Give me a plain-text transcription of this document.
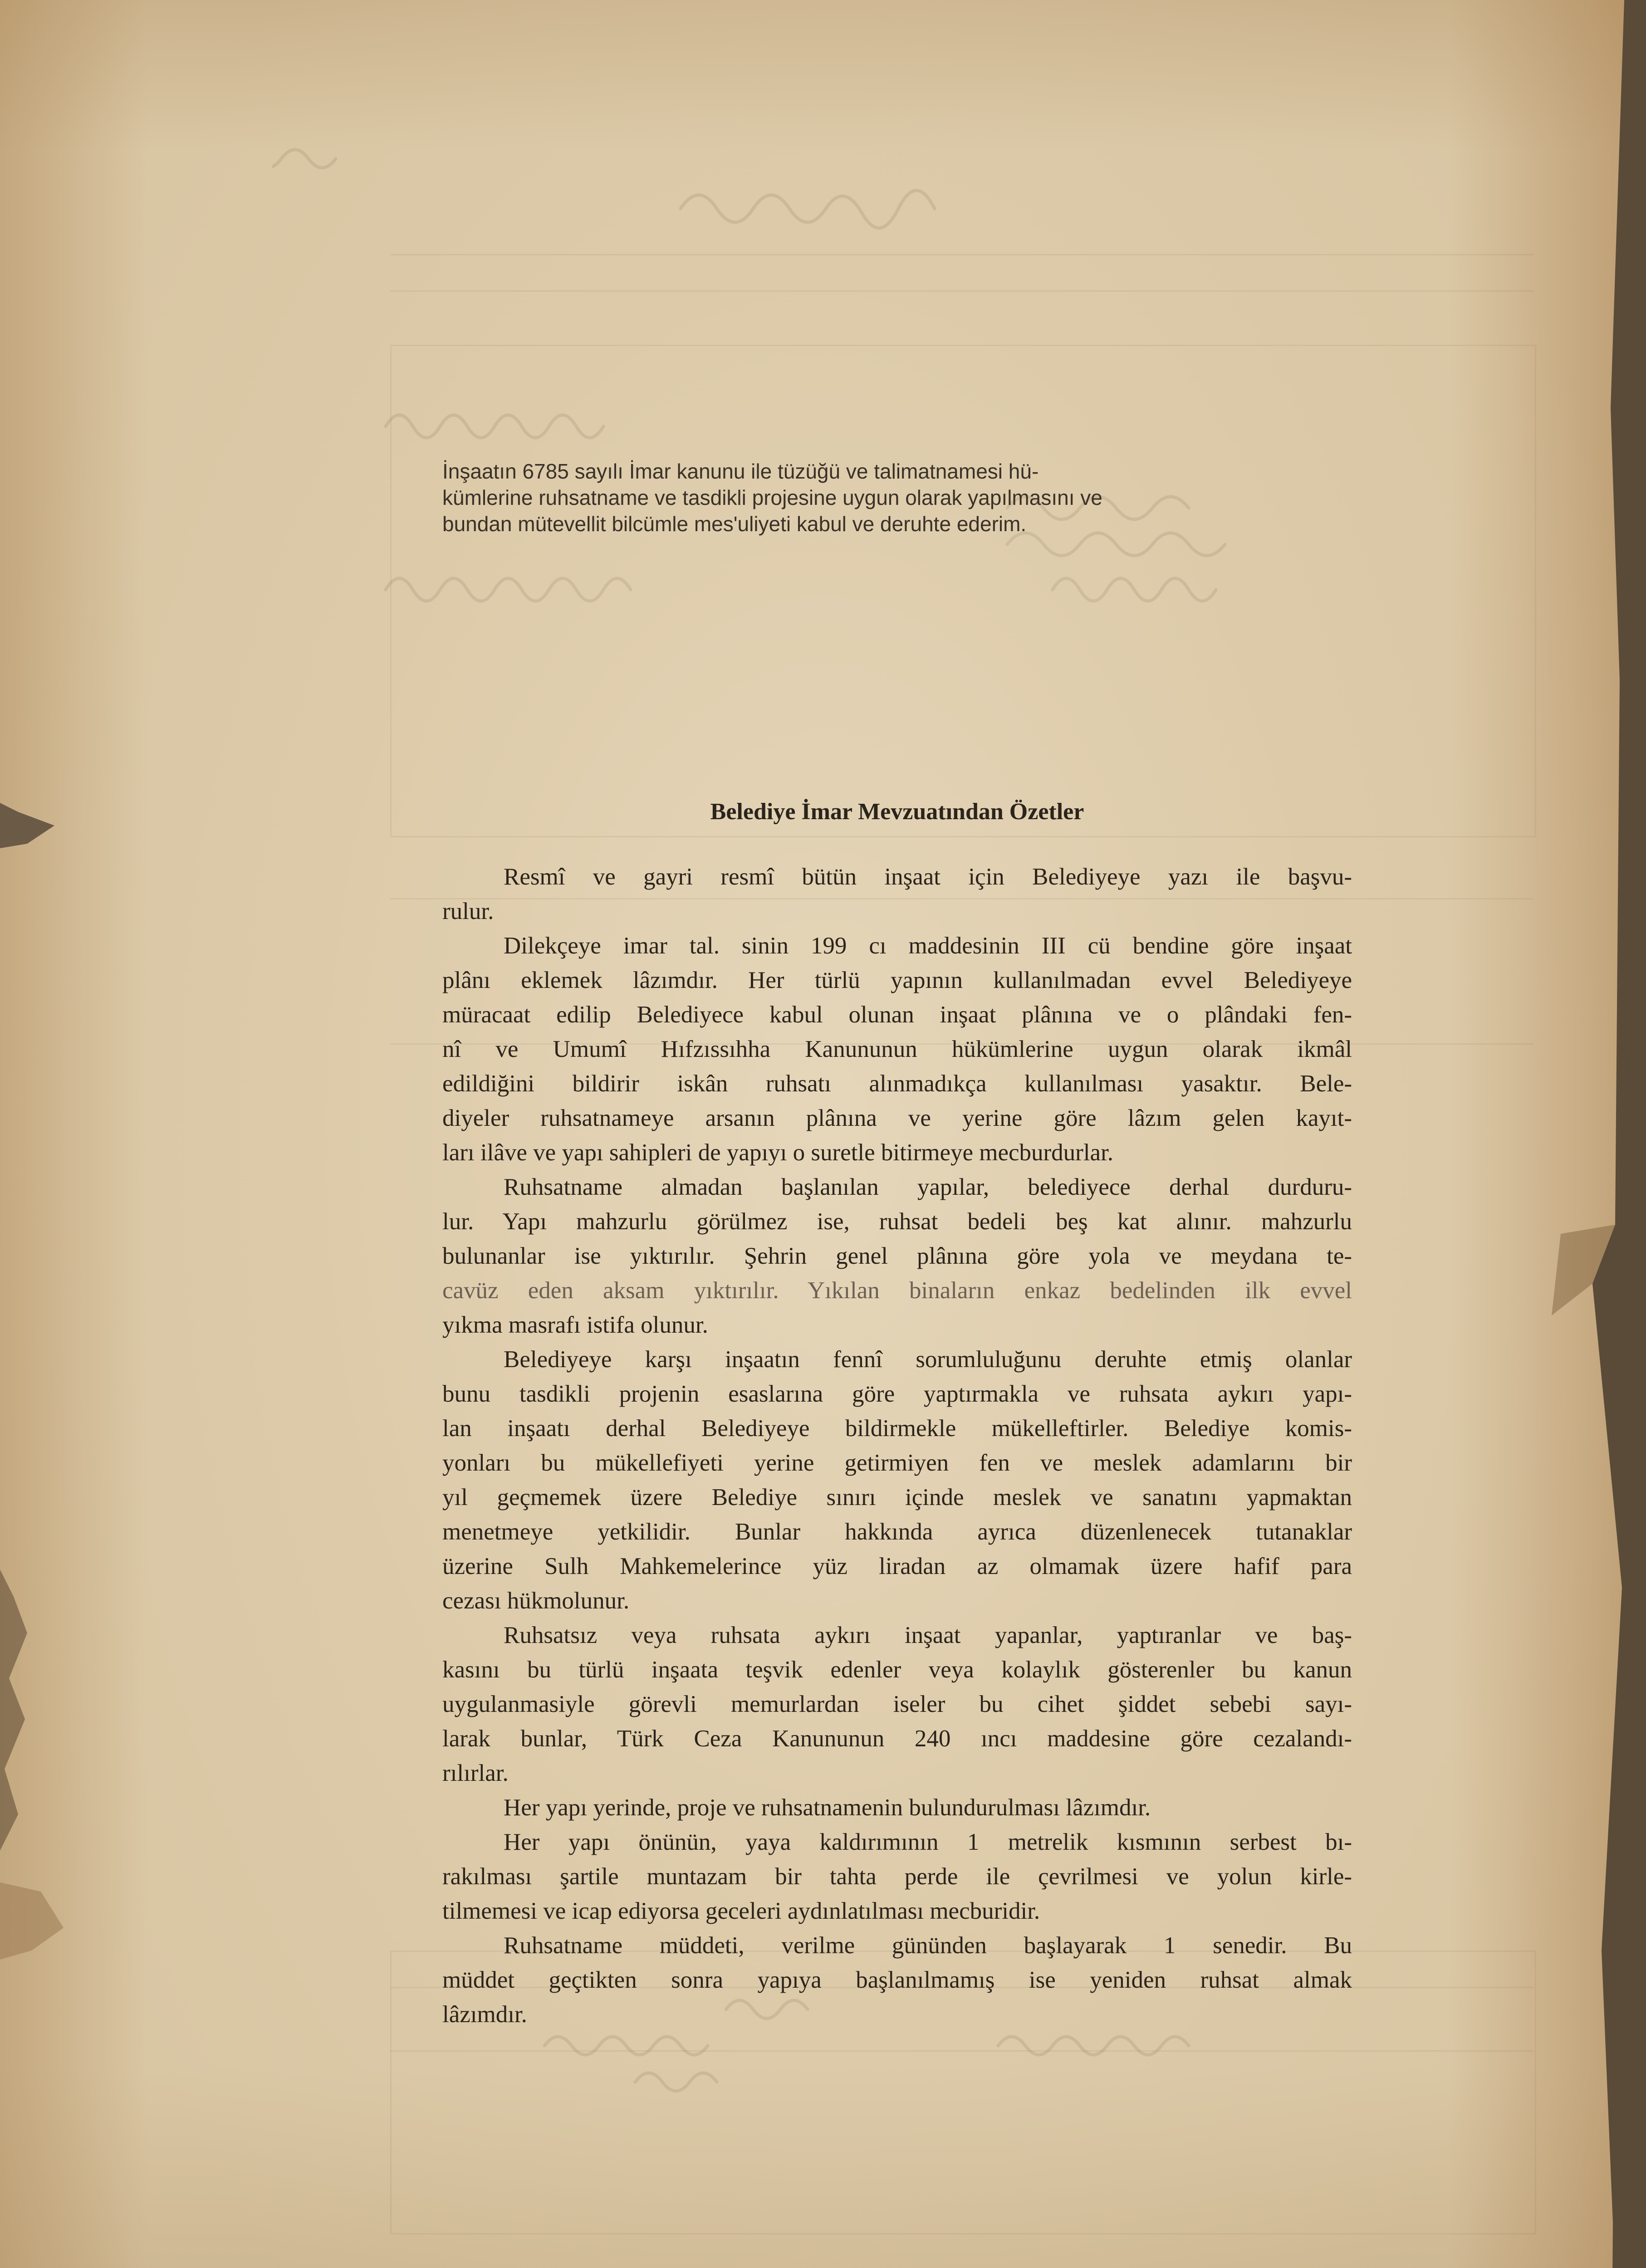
İnşaatın 6785 sayılı İmar kanunu ile tüzüğü ve talimatnamesi hü-
kümlerine ruhsatname ve tasdikli projesine uygun olarak yapılmasını ve
bundan mütevellit bilcümle mes'uliyeti kabul ve deruhte ederim.
Belediye İmar Mevzuatından Özetler
Resmî ve gayri resmî bütün inşaat için Belediyeye yazı ile başvu-
rulur.
Dilekçeye imar tal. sinin 199 cı maddesinin III cü bendine göre inşaat
plânı eklemek lâzımdır. Her türlü yapının kullanılmadan evvel Belediyeye
müracaat edilip Belediyece kabul olunan inşaat plânına ve o plândaki fen-
nî ve Umumî Hıfzıssıhha Kanununun hükümlerine uygun olarak ikmâl
edildiğini bildirir iskân ruhsatı alınmadıkça kullanılması yasaktır. Bele-
diyeler ruhsatnameye arsanın plânına ve yerine göre lâzım gelen kayıt-
ları ilâve ve yapı sahipleri de yapıyı o suretle bitirmeye mecburdurlar.
Ruhsatname almadan başlanılan yapılar, belediyece derhal durduru-
lur. Yapı mahzurlu görülmez ise, ruhsat bedeli beş kat alınır. mahzurlu
bulunanlar ise yıktırılır. Şehrin genel plânına göre yola ve meydana te-
cavüz eden aksam yıktırılır. Yıkılan binaların enkaz bedelinden ilk evvel
yıkma masrafı istifa olunur.
Belediyeye karşı inşaatın fennî sorumluluğunu deruhte etmiş olanlar
bunu tasdikli projenin esaslarına göre yaptırmakla ve ruhsata aykırı yapı-
lan inşaatı derhal Belediyeye bildirmekle mükelleftirler. Belediye komis-
yonları bu mükellefiyeti yerine getirmiyen fen ve meslek adamlarını bir
yıl geçmemek üzere Belediye sınırı içinde meslek ve sanatını yapmaktan
menetmeye yetkilidir. Bunlar hakkında ayrıca düzenlenecek tutanaklar
üzerine Sulh Mahkemelerince yüz liradan az olmamak üzere hafif para
cezası hükmolunur.
Ruhsatsız veya ruhsata aykırı inşaat yapanlar, yaptıranlar ve baş-
kasını bu türlü inşaata teşvik edenler veya kolaylık gösterenler bu kanun
uygulanmasiyle görevli memurlardan iseler bu cihet şiddet sebebi sayı-
larak bunlar, Türk Ceza Kanununun 240 ıncı maddesine göre cezalandı-
rılırlar.
Her yapı yerinde, proje ve ruhsatnamenin bulundurulması lâzımdır.
Her yapı önünün, yaya kaldırımının 1 metrelik kısmının serbest bı-
rakılması şartile muntazam bir tahta perde ile çevrilmesi ve yolun kirle-
tilmemesi ve icap ediyorsa geceleri aydınlatılması mecburidir.
Ruhsatname müddeti, verilme gününden başlayarak 1 senedir. Bu
müddet geçtikten sonra yapıya başlanılmamış ise yeniden ruhsat almak
lâzımdır.
